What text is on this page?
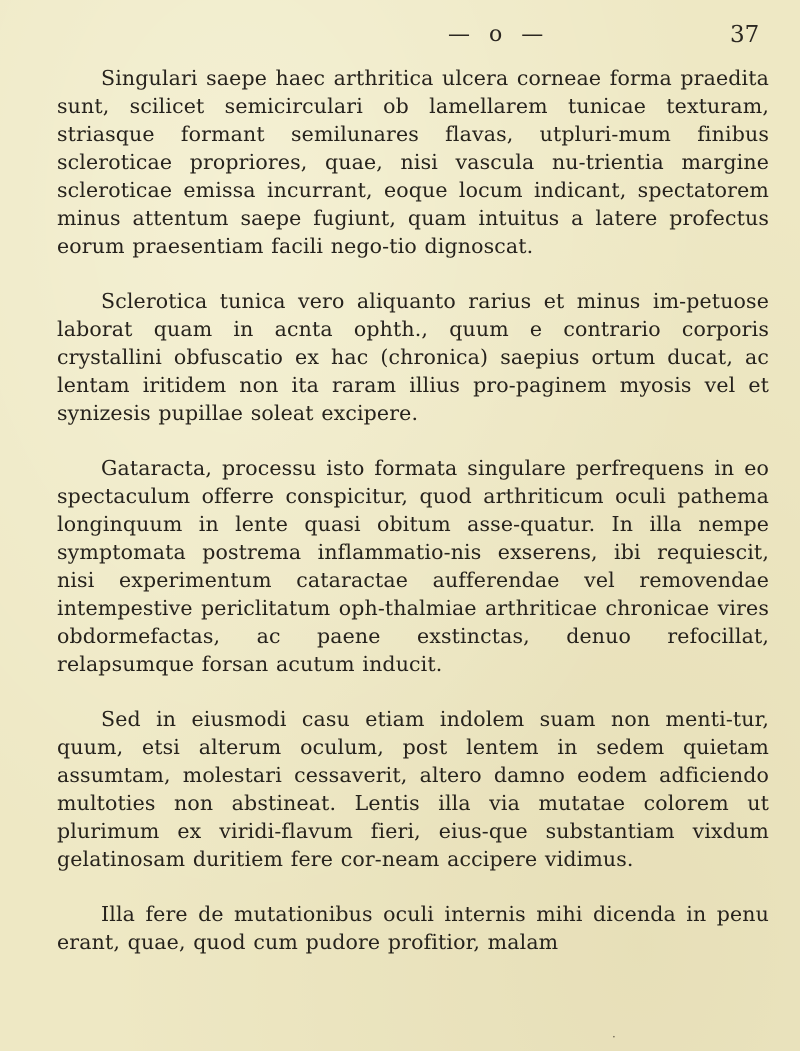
— o —	37

Singulari saepe haec arthritica ulcera corneae forma praedita sunt, scilicet semicirculari ob lamellarem tunicae texturam, striasque formant semilunares flavas, utpluri-mum finibus scleroticae propriores, quae, nisi vascula nu-trientia margine scleroticae emissa incurrant, eoque locum indicant, spectatorem minus attentum saepe fugiunt, quam intuitus a latere profectus eorum praesentiam facili nego-tio dignoscat.

Sclerotica tunica vero aliquanto rarius et minus im-petuose laborat quam in acnta ophth., quum e contrario corporis crystallini obfuscatio ex hac (chronica) saepius ortum ducat, ac lentam iritidem non ita raram illius pro-paginem myosis vel et synizesis pupillae soleat excipere.

Gataracta, processu isto formata singulare perfrequens in eo spectaculum offerre conspicitur, quod arthriticum oculi pathema longinquum in lente quasi obitum asse-quatur. In illa nempe symptomata postrema inflammatio-nis exserens, ibi requiescit, nisi experimentum cataractae aufferendae vel removendae intempestive periclitatum oph-thalmiae arthriticae chronicae vires obdormefactas, ac paene exstinctas, denuo refocillat, relapsumque forsan acutum inducit.

Sed in eiusmodi casu etiam indolem suam non menti-tur, quum, etsi alterum oculum, post lentem in sedem quietam assumtam, molestari cessaverit, altero damno eodem adficiendo multoties non abstineat. Lentis illa via mutatae colorem ut plurimum ex viridi-flavum fieri, eius-que substantiam vixdum gelatinosam duritiem fere cor-neam accipere vidimus.

Illa fere de mutationibus oculi internis mihi dicenda in penu erant, quae, quod cum pudore profitior, malam

·
